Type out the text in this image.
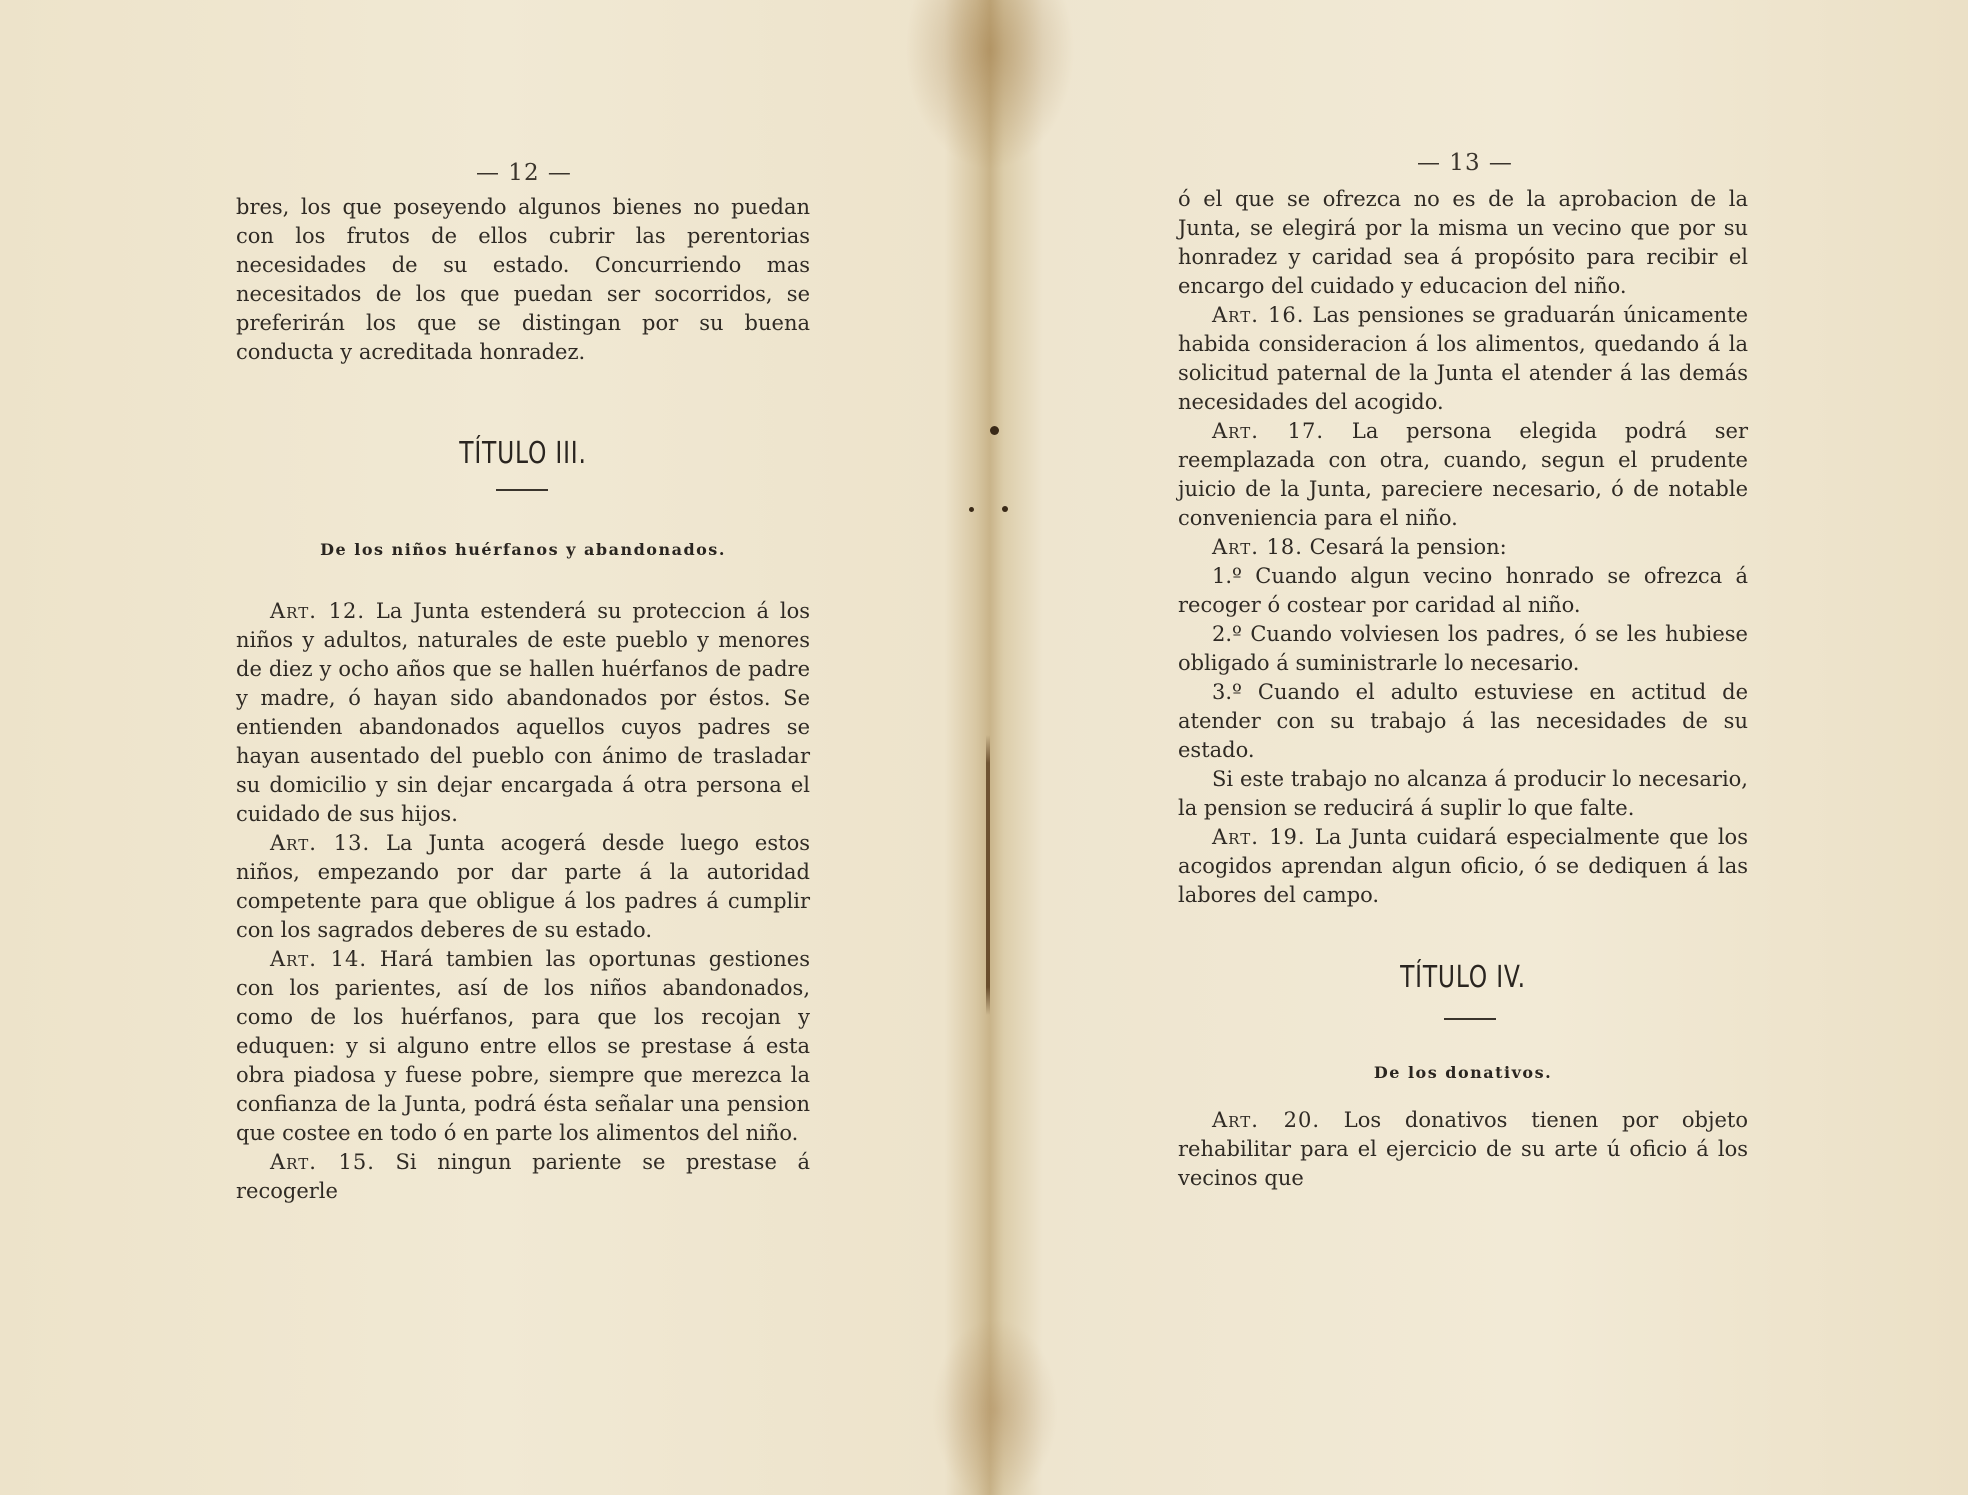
— 12 —

bres, los que poseyendo algunos bienes no puedan con los frutos de ellos cubrir las perentorias necesidades de su estado. Concurriendo mas necesitados de los que puedan ser socorridos, se preferirán los que se distingan por su buena conducta y acreditada honradez.

TÍTULO III.
De los niños huérfanos y abandonados.

Art. 12. La Junta estenderá su proteccion á los niños y adultos, naturales de este pueblo y menores de diez y ocho años que se hallen huérfanos de padre y madre, ó hayan sido abandonados por éstos. Se entienden abandonados aquellos cuyos padres se hayan ausentado del pueblo con ánimo de trasladar su domicilio y sin dejar encargada á otra persona el cuidado de sus hijos.

Art. 13. La Junta acogerá desde luego estos niños, empezando por dar parte á la autoridad competente para que obligue á los padres á cumplir con los sagrados deberes de su estado.

Art. 14. Hará tambien las oportunas gestiones con los parientes, así de los niños abandonados, como de los huérfanos, para que los recojan y eduquen: y si alguno entre ellos se prestase á esta obra piadosa y fuese pobre, siempre que merezca la confianza de la Junta, podrá ésta señalar una pension que costee en todo ó en parte los alimentos del niño.

Art. 15. Si ningun pariente se prestase á recogerle

— 13 —

ó el que se ofrezca no es de la aprobacion de la Junta, se elegirá por la misma un vecino que por su honradez y caridad sea á propósito para recibir el encargo del cuidado y educacion del niño.

Art. 16. Las pensiones se graduarán únicamente habida consideracion á los alimentos, quedando á la solicitud paternal de la Junta el atender á las demás necesidades del acogido.

Art. 17. La persona elegida podrá ser reemplazada con otra, cuando, segun el prudente juicio de la Junta, pareciere necesario, ó de notable conveniencia para el niño.

Art. 18. Cesará la pension:

1.º Cuando algun vecino honrado se ofrezca á recoger ó costear por caridad al niño.

2.º Cuando volviesen los padres, ó se les hubiese obligado á suministrarle lo necesario.

3.º Cuando el adulto estuviese en actitud de atender con su trabajo á las necesidades de su estado.

Si este trabajo no alcanza á producir lo necesario, la pension se reducirá á suplir lo que falte.

Art. 19. La Junta cuidará especialmente que los acogidos aprendan algun oficio, ó se dediquen á las labores del campo.

TÍTULO IV.
De los donativos.

Art. 20. Los donativos tienen por objeto rehabilitar para el ejercicio de su arte ú oficio á los vecinos que
